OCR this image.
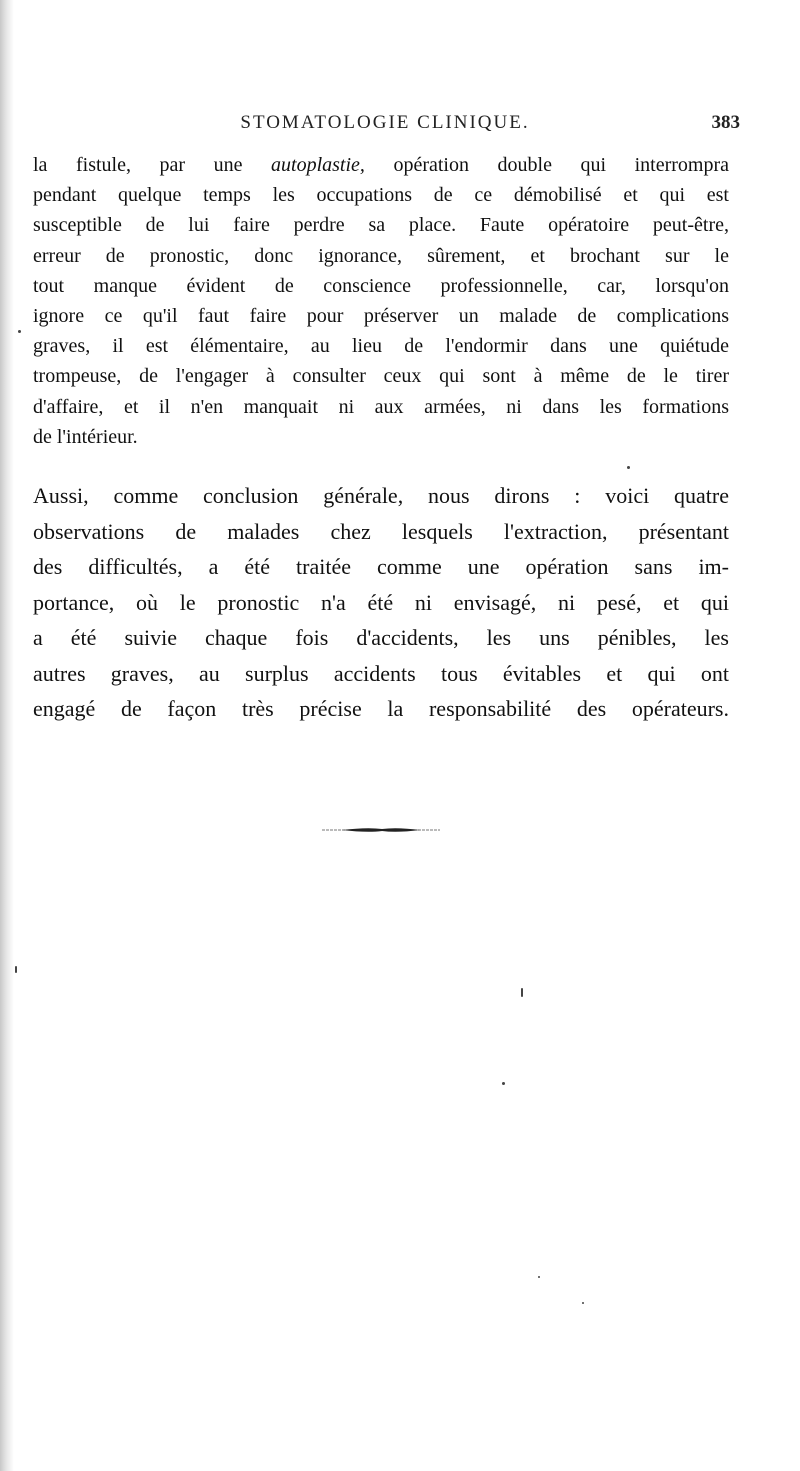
STOMATOLOGIE CLINIQUE.	383
la fistule, par une autoplastie, opération double qui interrompra
pendant quelque temps les occupations de ce démobilisé et qui est
susceptible de lui faire perdre sa place. Faute opératoire peut-être,
erreur de pronostic, donc ignorance, sûrement, et brochant sur le
tout manque évident de conscience professionnelle, car, lorsqu'on
ignore ce qu'il faut faire pour préserver un malade de complications
graves, il est élémentaire, au lieu de l'endormir dans une quiétude
trompeuse, de l'engager à consulter ceux qui sont à même de le tirer
d'affaire, et il n'en manquait ni aux armées, ni dans les formations
de l'intérieur.
Aussi, comme conclusion générale, nous dirons : voici quatre
observations de malades chez lesquels l'extraction, présentant
des difficultés, a été traitée comme une opération sans im-
portance, où le pronostic n'a été ni envisagé, ni pesé, et qui
a été suivie chaque fois d'accidents, les uns pénibles, les
autres graves, au surplus accidents tous évitables et qui ont
engagé de façon très précise la responsabilité des opérateurs.
